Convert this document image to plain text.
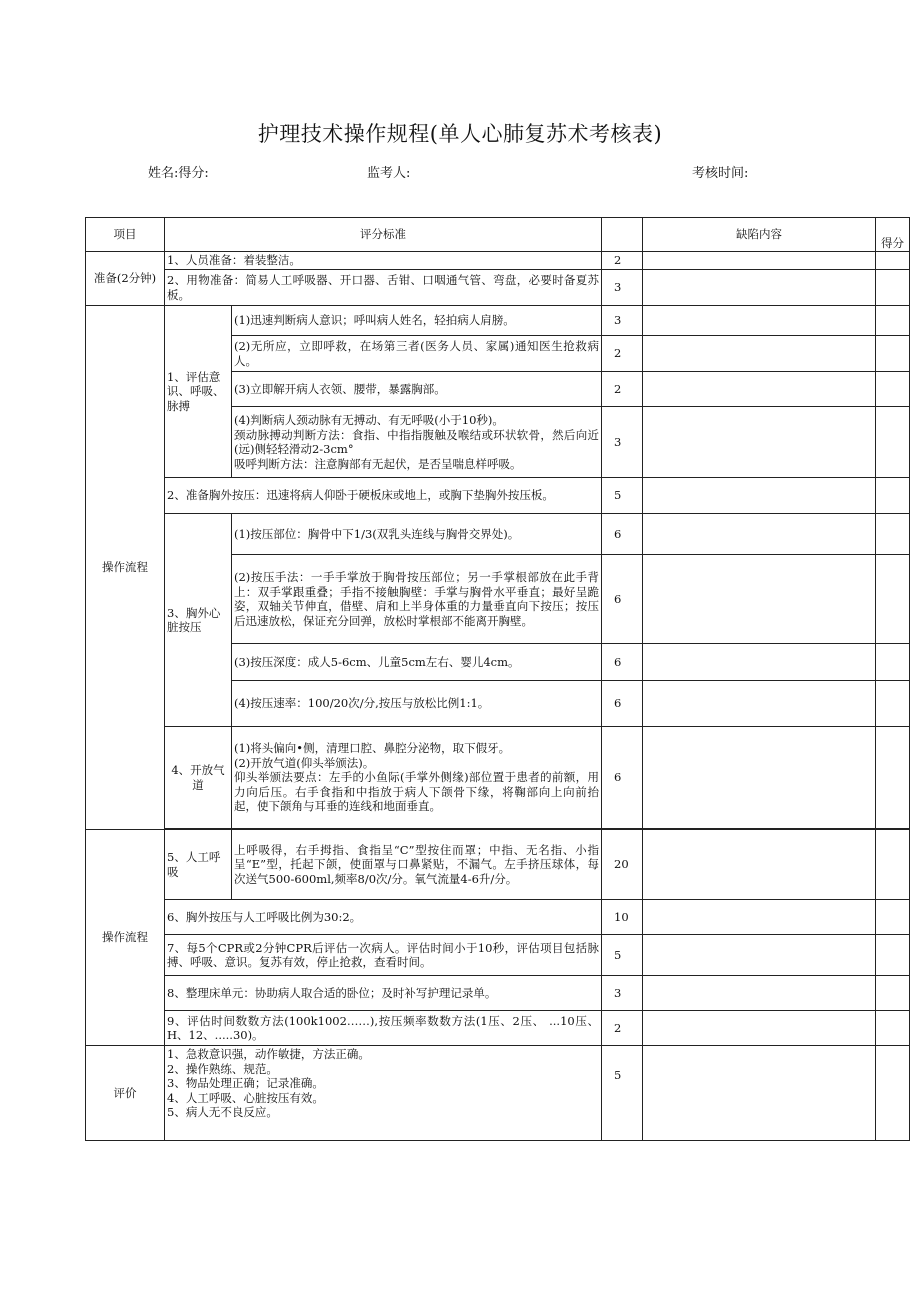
护理技术操作规程(单人心肺复苏术考核表)
姓名:得分:	监考人:	考核时间:
项目	评分标准			缺陷内容	得分
准备(2分钟)	1、人员准备：着装整洁。		2		
	2、用物准备：简易人工呼吸器、开口器、舌钳、口咽通气管、弯盘，必要时备夏苏板。		3		
操作流程	1、评估意识、呼吸、脉搏	(1)迅速判断病人意识；呼叫病人姓名，轻拍病人肩膀。	3		
		(2)无所应，立即呼救，在场第三者(医务人员、家属)通知医生抢救病人。	2		
		(3)立即解开病人衣领、腰带，暴露胸部。	2		

		(4)判断病人颈动脉有无搏动、有无呼吸(小于10秒)。
颈动脉搏动判断方法：食指、中指指腹触及喉结或环状软骨，然后向近(远)侧轻轻滑动2-3cm°
吸呼判断方法：注意胸部有无起伏，是否呈喘息样呼吸。	3		
	2、准备胸外按压：迅速将病人仰卧于硬板床或地上，或胸下垫胸外按压板。		5		
	3、胸外心脏按压	(1)按压部位：胸骨中下1/3(双乳头连线与胸骨交界处)。	6		
		(2)按压手法：一手手掌放于胸骨按压部位；另一手掌根部放在此手背上：双手掌跟重叠；手指不接触胸壁：手掌与胸骨水平垂直；最好呈跪姿，双轴关节伸直，借壁、肩和上半身体重的力量垂直向下按压；按压后迅速放松，保证充分回弹，放松时掌根部不能离开胸壁。	6		
		(3)按压深度：成人5-6cm、儿童5cm左右、婴儿4cm。	6		
		(4)按压速率：100/20次/分,按压与放松比例1:1。	6		
	4、开放气道	(1)将头偏向•侧，清理口腔、鼻腔分泌物，取下假牙。
(2)开放气道(仰头举颁法)。
仰头举颁法要点：左手的小鱼际(手掌外侧缘)部位置于患者的前额，用力向后压。右手食指和中指放于病人下颌骨下缘，将鞠部向上向前抬起，使下颌角与耳垂的连线和地面垂直。	6		

操作流程	5、人工呼吸	上呼吸得，右手拇指、食指呈“C”型按住而罩；中指、无名指、小指呈“E”型，托起下颌，使面罩与口鼻紧贴，不漏气。左手挤压球体，每次送气500-600ml,频率8/0次/分。氧气流量4-6升/分。	20		
	6、胸外按压与人工呼吸比例为30:2。		10		
	7、每5个CPR或2分钟CPR后评估一次病人。评估时间小于10秒，评估项目包括脉搏、呼吸、意识。复苏有效，停止抢救，查看时间。		5		
	8、整理床单元：协助病人取合适的卧位；及时补写护理记录单。		3		
	9、评估时间数数方法(100k1002……),按压频率数数方法(1压、2压、 ...10压、H、12、.....30)。		2		
评价	1、急救意识强，动作敏捷，方法正确。
2、操作熟练、规范。
3、物品处理正确；记录准确。
4、人工呼吸、心脏按压有效。
5、病人无不良反应。		5		
